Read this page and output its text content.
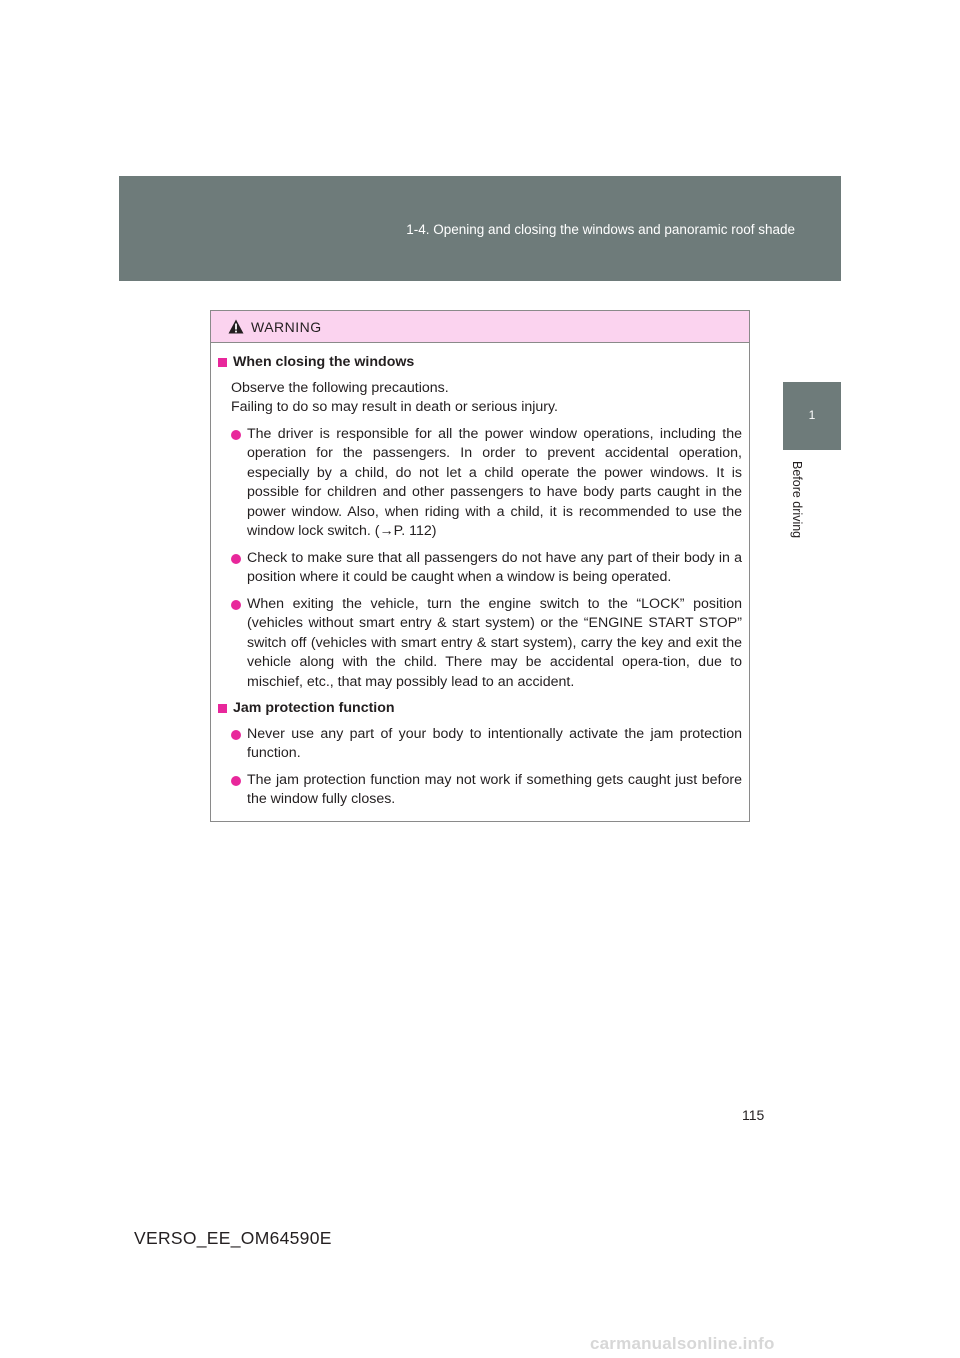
1-4. Opening and closing the windows and panoramic roof shade
1
Before driving
WARNING
When closing the windows
Observe the following precautions.
Failing to do so may result in death or serious injury.
The driver is responsible for all the power window operations, including the operation for the passengers. In order to prevent accidental operation, especially by a child, do not let a child operate the power windows. It is possible for children and other passengers to have body parts caught in the power window. Also, when riding with a child, it is recommended to use the window lock switch. (→P. 112)
Check to make sure that all passengers do not have any part of their body in a position where it could be caught when a window is being operated.
When exiting the vehicle, turn the engine switch to the “LOCK” position (vehicles without smart entry & start system) or the “ENGINE START STOP” switch off (vehicles with smart entry & start system), carry the key and exit the vehicle along with the child. There may be accidental opera-tion, due to mischief, etc., that may possibly lead to an accident.
Jam protection function
Never use any part of your body to intentionally activate the jam protection function.
The jam protection function may not work if something gets caught just before the window fully closes.
115
VERSO_EE_OM64590E
carmanualsonline.info
